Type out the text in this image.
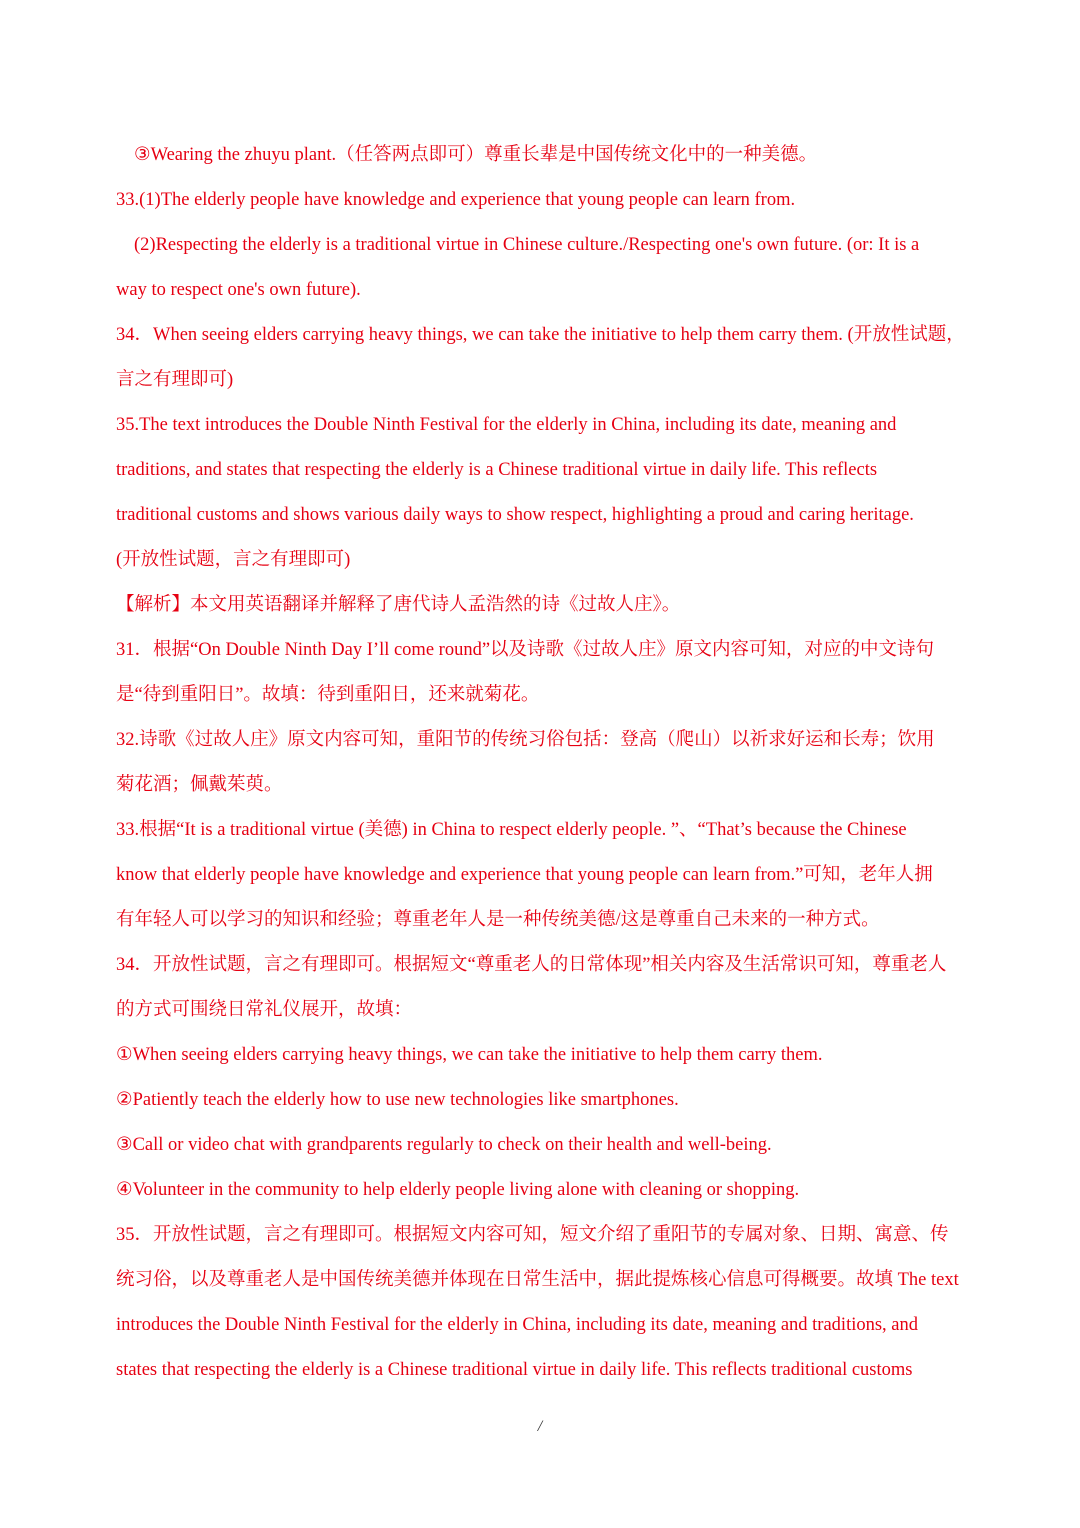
③Wearing the zhuyu plant.（任答两点即可）尊重长辈是中国传统文化中的一种美德。
33.(1)The elderly people have knowledge and experience that young people can learn from.
(2)Respecting the elderly is a traditional virtue in Chinese culture./Respecting one's own future. (or: It is a
way to respect one's own future).
34．When seeing elders carrying heavy things, we can take the initiative to help them carry them. (开放性试题，
言之有理即可)
35.The text introduces the Double Ninth Festival for the elderly in China, including its date, meaning and
traditions, and states that respecting the elderly is a Chinese traditional virtue in daily life. This reflects
traditional customs and shows various daily ways to show respect, highlighting a proud and caring heritage.
(开放性试题，言之有理即可)
【解析】本文用英语翻译并解释了唐代诗人孟浩然的诗《过故人庄》。
31．根据“On Double Ninth Day I’ll come round”以及诗歌《过故人庄》原文内容可知，对应的中文诗句
是“待到重阳日”。故填：待到重阳日，还来就菊花。
32.诗歌《过故人庄》原文内容可知，重阳节的传统习俗包括：登高（爬山）以祈求好运和长寿；饮用
菊花酒；佩戴茱萸。
33.根据“It is a traditional virtue (美德) in China to respect elderly people. ”、“That’s because the Chinese
know that elderly people have knowledge and experience that young people can learn from.”可知，老年人拥
有年轻人可以学习的知识和经验；尊重老年人是一种传统美德/这是尊重自己未来的一种方式。
34．开放性试题，言之有理即可。根据短文“尊重老人的日常体现”相关内容及生活常识可知，尊重老人
的方式可围绕日常礼仪展开，故填：
①When seeing elders carrying heavy things, we can take the initiative to help them carry them.
②Patiently teach the elderly how to use new technologies like smartphones.
③Call or video chat with grandparents regularly to check on their health and well-being.
④Volunteer in the community to help elderly people living alone with cleaning or shopping.
35．开放性试题，言之有理即可。根据短文内容可知，短文介绍了重阳节的专属对象、日期、寓意、传
统习俗，以及尊重老人是中国传统美德并体现在日常生活中，据此提炼核心信息可得概要。故填 The text
introduces the Double Ninth Festival for the elderly in China, including its date, meaning and traditions, and
states that respecting the elderly is a Chinese traditional virtue in daily life. This reflects traditional customs
/
